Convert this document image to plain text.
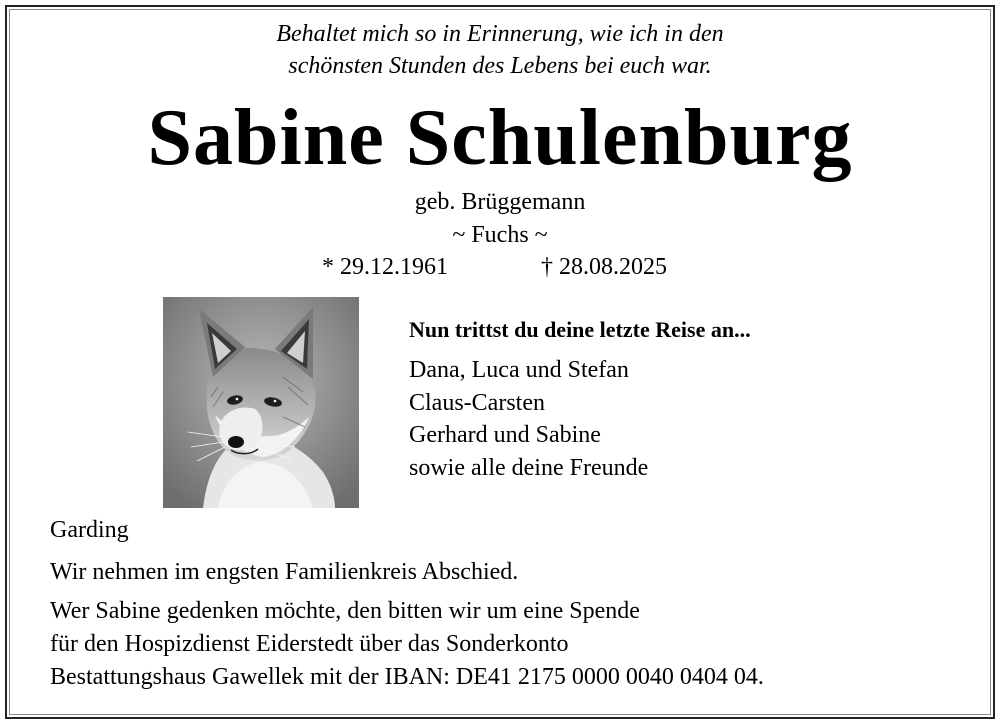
Behaltet mich so in Erinnerung, wie ich in den
schönsten Stunden des Lebens bei euch war.
Sabine Schulenburg
geb. Brüggemann
~ Fuchs ~
* 29.12.1961	† 28.08.2025
Nun trittst du deine letzte Reise an...
Dana, Luca und Stefan
Claus-Carsten
Gerhard und Sabine
sowie alle deine Freunde
Garding
Wir nehmen im engsten Familienkreis Abschied.
Wer Sabine gedenken möchte, den bitten wir um eine Spende
für den Hospizdienst Eiderstedt über das Sonderkonto
Bestattungshaus Gawellek mit der IBAN: DE41 2175 0000 0040 0404 04.
